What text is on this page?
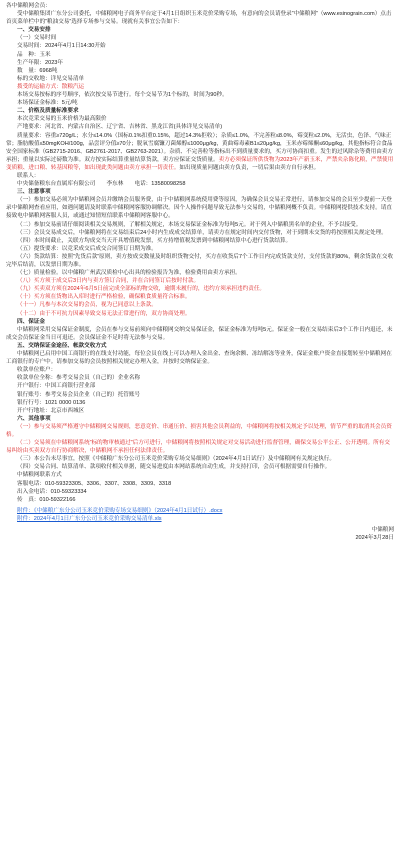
各中储粮网会员：

受中储粮集团广东分公司委托，中储粮网电子商务平台定于4月1日组织玉米竞价采购专场，有意向的会员请登录“中储粮网”（www.esinograin.com）点击首页菜单栏中的“粮油交易”选择专场参与交易。现就有关事宜公告如下：

一、交易安排

（一）交易时间

交易时间：2024年4月1日14:30开始

品　种：玉米

生产年限：2023年

数　量：6968吨

标的交收地：详见交易清单

拨受的运输方式：散粮汽运

本场交易按标的序号顺序，依次按交易节进行。每个交易节为1个标的，时间为90秒。

本场保证金标准：5元/吨

二、价格及质量标准要求

本次竞采交易的玉米价格为最高限价

产地要求：河北省、内蒙古自治区、辽宁省、吉林省、黑龙江省(具体详见交易清单)

质量要求：容重≥720g/L；水分≤14.0%（国标0.1%扣重0.15%，超过14.3%拒收）；杂质≤1.0%，不完善粒≤8.0%，霉变粒≤2.0%，无活虫，色泽、气味正常；脂肪酸值≤50mgKOH/100g，品尝评分值≥70分；脱氧雪腐镰刀菌烯醇≤1000μg/kg，黄曲霉毒素B1≤20μg/kg，玉米赤霉烯酮≤60μg/kg，其他指标符合食品安全国家标准（GB2715-2016、GB2761-2017、GB2763-2021）。杂质、不完善粒等指标出不到质量要求的，买方可协商扣重。发生的过风除杂等费用由卖方承担；重量以实际过磅数为准。双方按实际结算重量结算货款，卖方应保证交货质量。卖方必须保证所供货物为2023年产新玉米，严禁夹杂陈化粮，严禁使用变质粮、进口粮、转基因粮等，如出现此类问题由卖方承担一切责任。如出现质量问题由卖方负责，一切后果由卖方自行承担。

联系人：

中央储备粮东台直属库有限公司　　李东林　　电话：13580098258

三、注意事项

（一）参加交易必须为中储粮网会员并缴纳会员服务费，由于中储粮网系统使用费等原因，为确保会员交易正常进行，请参加交易的会员至少提前一天登录中储粮网查看应用，如遇问题请及时联系中储粮网客服协调解决。因个人操作问题导致无法参与交易的，中储粮网概不负责。中储粮网提供技术支持。请直接致电中储粮网客服人员，或通过知情短信联系中储粮网客服中心。

（二）参加交易前请仔细阅读相关交易规则，了解相关规定，本场交易保证金标准为每吨5元。对于列入中储粮黑名单的企业，不予以接受。

（三）会员交易成交后，中储粮网将在交易结束后24小时内生成成交结算单，请卖方在规定时间内交付货物，对于到期未交货的将按照相关规定处理。

（四）本时间截止，关联方均成交当天开具增值税发票，买方持增值税发票到中储粮网结算中心进行货款结算。

（五）提货要求：以竞采成交后成交合同签订日期为准。

（六）货款结算：按照“先货后款”原则，卖方按成交数量及时组织货物交付，买方在收货后7个工作日内完成货款支付，支付货款的80%，剩余货款在交收完毕后结清，以发票日期为准。

（七）质量检验。以中储粮广州武汉质检中心出具的检验报告为准，检验费用由卖方承担。

（八）买方须于成交后3日内与卖方签订合同，并在合同签订后按时付款。

（九）买卖双方须在2024年6月5日前完成全部标的物交收，逾期未履行的，违约方须承担违约责任。

（十）买方须在货物出入库时进行严格检验，确保粮食质量符合标准。

（十一）凡参与本次交易的会员，视为已同意以上条款。

（十二）由于不可抗力因素导致交易无法正常进行的，双方协商处理。

四、保证金

中储粮网采用交易保证金制度，会员在参与交易前须向中储粮网交纳交易保证金，保证金标准为每吨5元。保证金一般在交易结束后3个工作日内退还，未成交会员保证金当日可退还。会员保证金不足时将无法参与交易。

五、交纳保证金途径、帐款交收方式

中储粮网已启用中国工商银行的在线支付功能，每位会员在线上可以办理入金出金、查询余额、冻结解冻等业务，保证金账户资金直接划转至中储粮网在工商银行的专户中。请参加交易的会员按照相关规定办理入金，并按时交纳保证金。

收款单位账户：

收款单位全称：参考交易会员（自己的）企业名称

开户银行：中国工商银行营业部

银行账号：参考交易会员企业（自己的）托管账号

银行行号：1021 0000 0136

开户行地址：北京市西城区

六、其他事项

（一）参与交易须严格遵守中储粮网交易规则，恶意竞价、串通压价、损害其他会员利益的，中储粮网将按相关规定予以处理，情节严重的取消其会员资格。

（二）交易须在中储粮网系统“标的物审核通过”后方可进行，中储粮网将按照相关规定对交易活动进行监督管理，确保交易公平公正、公开透明。所有交易纠纷由买卖双方自行协商解决，中储粮网不承担任何法律责任。

（三）本公告未尽事宜，按照《中储粮广东分公司玉米竞价采购专场交易细则》（2024年4月1日试行）及中储粮网有关规定执行。

（四）交易合同、结算清单、款项收付相关单据，随交易进度由本网站系统自动生成，并支持打印，会员可根据需要自行操作。

中储粮网联系方式

客服电话：010-59323305、3306、3307、3308、3309、3318

出入金电话：010-59323334

传　真：010-59322166

附件：《中储粮广东分公司玉米竞价采购专场交易细则》（2024年4月1日试行）.docx

附件：2024年4月1日广东分公司玉米竞价采购交易清单.xls

中储粮网

2024年3月28日
